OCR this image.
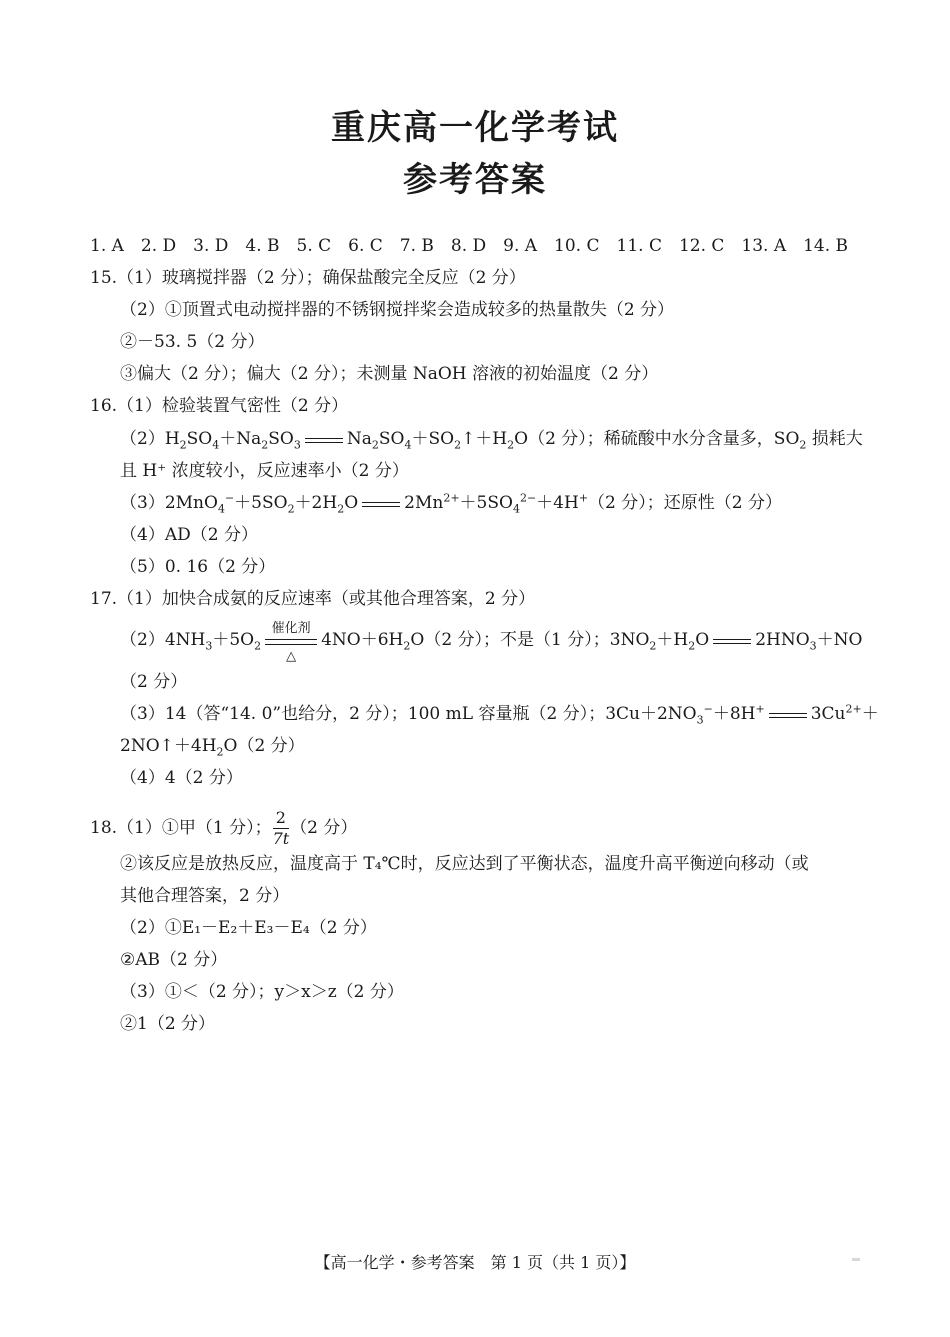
重庆高一化学考试
参考答案
1. A　2. D　3. D　4. B　5. C　6. C　7. B　8. D　9. A　10. C　11. C　12. C　13. A　14. B
15.（1）玻璃搅拌器（2 分）；确保盐酸完全反应（2 分）
（2）①顶置式电动搅拌器的不锈钢搅拌桨会造成较多的热量散失（2 分）
②－53. 5（2 分）
③偏大（2 分）；偏大（2 分）；未测量 NaOH 溶液的初始温度（2 分）
16.（1）检验装置气密性（2 分）
$(2)H_2SO_4+Na_2SO_3$	$Na_2SO_4+SO_2↑+H_2O(2$ 分）；稀硫酸中水分含量多，$SO_2$ 损耗大
且 H⁺ 浓度较小，反应速率小（2 分）
$(3)2MnO_4^-+5SO_2+2H_2O$	$2Mn^{2+}+5SO_4^{2-}+4H^+(2$ 分）；还原性（2 分）
（4）AD（2 分）
（5）0. 16（2 分）
17.（1）加快合成氨的反应速率（或其他合理答案，2 分）
$(2)4NH_3+5O_2$
催化剂
△
$4NO+6H_2O(2$ 分）；不是（1 分）；$3NO_2+H_2O$	$2HNO_3+NO$
（2 分）
（3）14（答“14. 0”也给分，2 分）；100 mL 容量瓶（2 分）；$3Cu+2NO_3^-+8H^+$	$3Cu^{2+}+$
$2NO↑+4H_2O(2$ 分）
（4）4（2 分）
18.（1）①甲（1 分）； $\frac{2}{7t} (2$ 分）
②该反应是放热反应，温度高于 T₄℃时，反应达到了平衡状态，温度升高平衡逆向移动（或
其他合理答案，2 分）
（2）①E₁－E₂＋E₃－E₄（2 分）
②AB（2 分）
（3）①＜（2 分）；y＞x＞z（2 分）
②1（2 分）
【高一化学・参考答案　第 1 页（共 1 页）】
